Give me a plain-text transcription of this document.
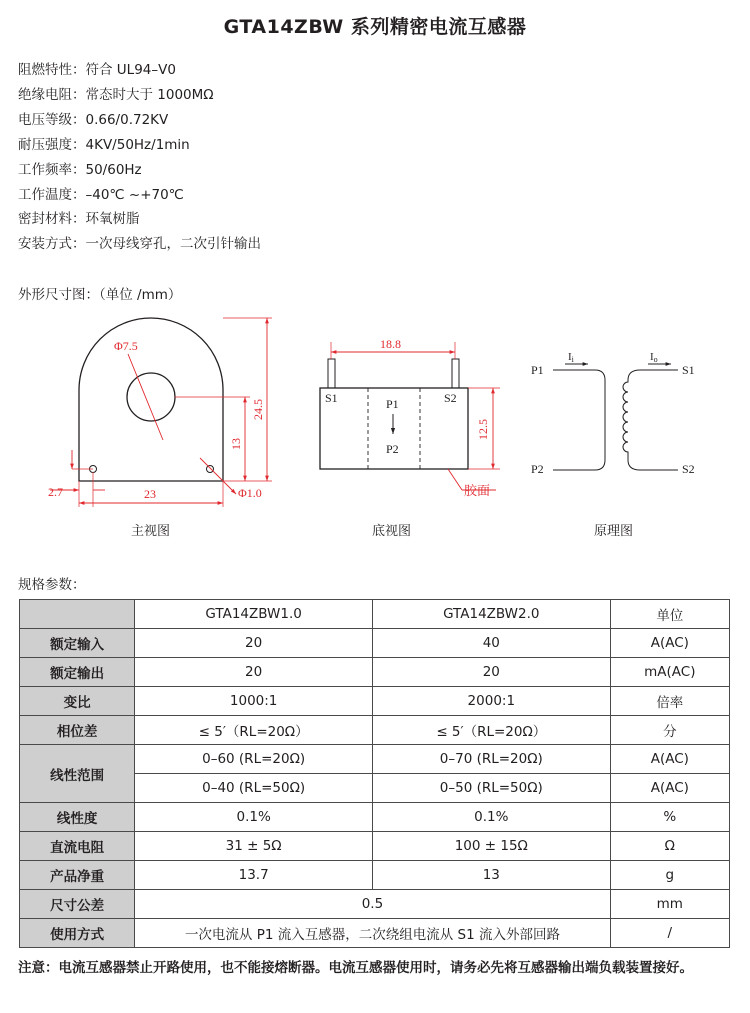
GTA14ZBW 系列精密电流互感器
阻燃特性：符合 UL94–V0
绝缘电阻：常态时大于 1000MΩ
电压等级：0.66/0.72KV
耐压强度：4KV/50Hz/1min
工作频率：50/60Hz
工作温度：–40℃ ~+70℃
密封材料：环氧树脂
安装方式：一次母线穿孔，二次引针输出
外形尺寸图：（单位 /mm）
Φ7.5
24.5
13
23
2.7	Φ1.0
主视图
18.8
12.5
S1	S2
P1
P2
胶面
底视图
P1
P2
S1
S2
Ii	Io
原理图
规格参数：
	GTA14ZBW1.0	GTA14ZBW2.0	单位
额定输入	20	40	A(AC)
额定输出	20	20	mA(AC)
变比	1000:1	2000:1	倍率
相位差	≤ 5′（RL=20Ω）	≤ 5′（RL=20Ω）	分
线性范围	0–60 (RL=20Ω)	0–70 (RL=20Ω)	A(AC)
	0–40 (RL=50Ω)	0–50 (RL=50Ω)	A(AC)
线性度	0.1%	0.1%	%
直流电阻	31 ± 5Ω	100 ± 15Ω	Ω
产品净重	13.7	13	g
尺寸公差	0.5		mm
使用方式	一次电流从 P1 流入互感器，二次绕组电流从 S1 流入外部回路		/
注意：电流互感器禁止开路使用，也不能接熔断器。电流互感器使用时，请务必先将互感器输出端负载装置接好。
